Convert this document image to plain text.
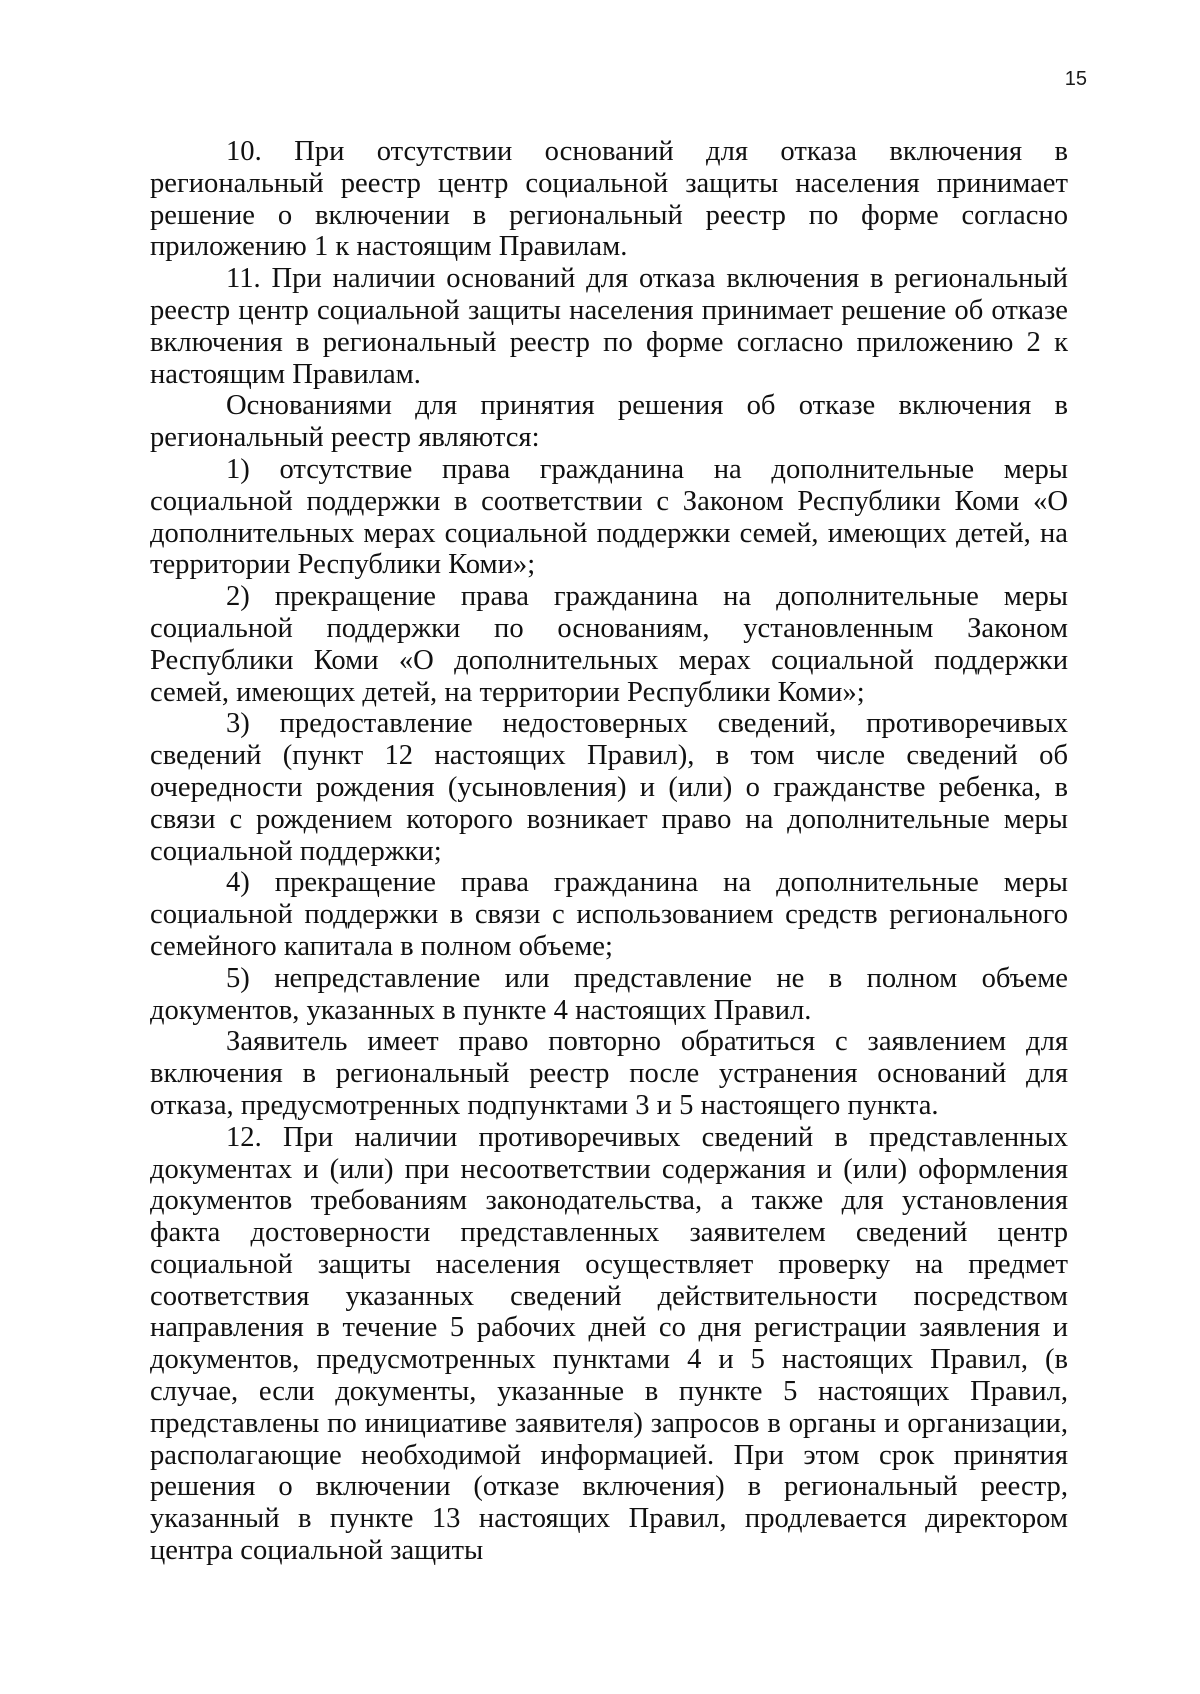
15

10. При отсутствии оснований для отказа включения в региональный реестр центр социальной защиты населения принимает решение о включении в региональный реестр по форме согласно приложению 1 к настоящим Правилам.

11. При наличии оснований для отказа включения в региональный реестр центр социальной защиты населения принимает решение об отказе включения в региональный реестр по форме согласно приложению 2 к настоящим Правилам.

Основаниями для принятия решения об отказе включения в региональный реестр являются:

1) отсутствие права гражданина на дополнительные меры социальной поддержки в соответствии с Законом Республики Коми «О дополнительных мерах социальной поддержки семей, имеющих детей, на территории Республики Коми»;

2) прекращение права гражданина на дополнительные меры социальной поддержки по основаниям, установленным Законом Республики Коми «О дополнительных мерах социальной поддержки семей, имеющих детей, на территории Республики Коми»;

3) предоставление недостоверных сведений, противоречивых сведений (пункт 12 настоящих Правил), в том числе сведений об очередности рождения (усыновления) и (или) о гражданстве ребенка, в связи с рождением которого возникает право на дополнительные меры социальной поддержки;

4) прекращение права гражданина на дополнительные меры социальной поддержки в связи с использованием средств регионального семейного капитала в полном объеме;

5) непредставление или представление не в полном объеме документов, указанных в пункте 4 настоящих Правил.

Заявитель имеет право повторно обратиться с заявлением для включения в региональный реестр после устранения оснований для отказа, предусмотренных подпунктами 3 и 5 настоящего пункта.

12. При наличии противоречивых сведений в представленных документах и (или) при несоответствии содержания и (или) оформления документов требованиям законодательства, а также для установления факта достоверности представленных заявителем сведений центр социальной защиты населения осуществляет проверку на предмет соответствия указанных сведений действительности посредством направления в течение 5 рабочих дней со дня регистрации заявления и документов, предусмотренных пунктами 4 и 5 настоящих Правил, (в случае, если документы, указанные в пункте 5 настоящих Правил, представлены по инициативе заявителя) запросов в органы и организации, располагающие необходимой информацией. При этом срок принятия решения о включении (отказе включения) в региональный реестр, указанный в пункте 13 настоящих Правил, продлевается директором центра социальной защиты
